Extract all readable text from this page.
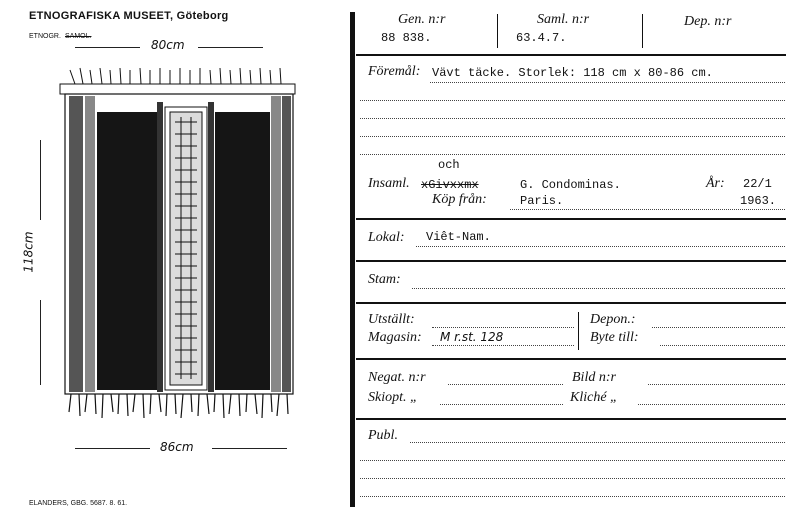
ETNOGRAFISKA MUSEET, Göteborg
ETNOGR. SAMOL.
80cm
118cm
86cm
ELANDERS, GBG. 5687. 8. 61.
Gen. n:r
88 838.
Saml. n:r
63.4.7.
Dep. n:r
Föremål: Vävt täcke. Storlek: 118 cm x 80-86 cm.
och
Insaml. xGivxxmx	G. Condominas.	År: 22/1
Köp från:	Paris.	1963.
Lokal: Viêt-Nam.
Stam:
Utställt:
Magasin: M r.st. 128
Depon.:
Byte till:
Negat. n:r	Bild n:r
Skiopt. „	Kliché „
Publ.
